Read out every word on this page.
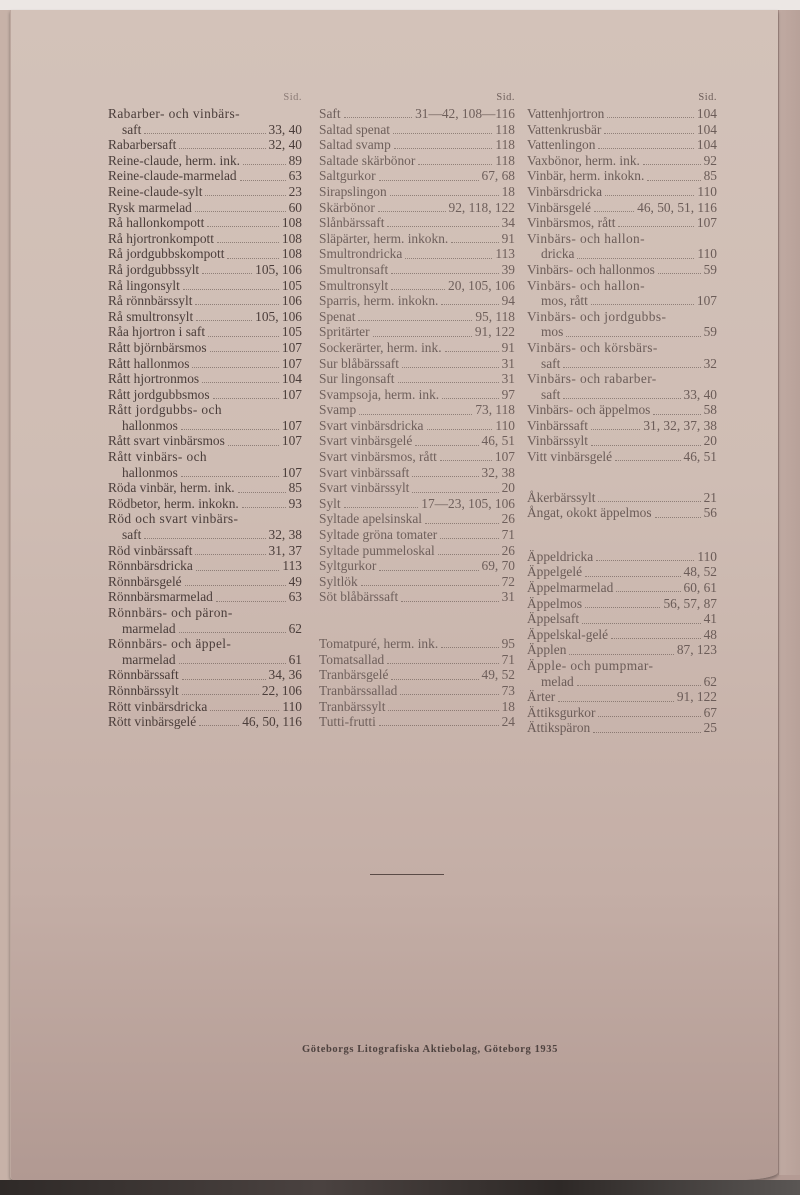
Sid.
Rabarber- och vinbärs-
saft	33, 40
Rabarbersaft	32, 40
Reine-claude, herm. ink.	89
Reine-claude-marmelad	63
Reine-claude-sylt	23
Rysk marmelad	60
Rå hallonkompott	108
Rå hjortronkompott	108
Rå jordgubbskompott	108
Rå jordgubbssylt	105, 106
Rå lingonsylt	105
Rå rönnbärssylt	106
Rå smultronsylt	105, 106
Råa hjortron i saft	105
Rått björnbärsmos	107
Rått hallonmos	107
Rått hjortronmos	104
Rått jordgubbsmos	107
Rått jordgubbs- och
hallonmos	107
Rått svart vinbärsmos	107
Rått vinbärs- och
hallonmos	107
Röda vinbär, herm. ink.	85
Rödbetor, herm. inkokn.	93
Röd och svart vinbärs-
saft	32, 38
Röd vinbärssaft	31, 37
Rönnbärsdricka	113
Rönnbärsgelé	49
Rönnbärsmarmelad	63
Rönnbärs- och päron-
marmelad	62
Rönnbärs- och äppel-
marmelad	61
Rönnbärssaft	34, 36
Rönnbärssylt	22, 106
Rött vinbärsdricka	110
Rött vinbärsgelé	46, 50, 116
Sid.
Saft	31—42, 108—116
Saltad spenat	118
Saltad svamp	118
Saltade skärbönor	118
Saltgurkor	67, 68
Sirapslingon	18
Skärbönor	92, 118, 122
Slånbärssaft	34
Släpärter, herm. inkokn.	91
Smultrondricka	113
Smultronsaft	39
Smultronsylt	20, 105, 106
Sparris, herm. inkokn.	94
Spenat	95, 118
Spritärter	91, 122
Sockerärter, herm. ink.	91
Sur blåbärssaft	31
Sur lingonsaft	31
Svampsoja, herm. ink.	97
Svamp	73, 118
Svart vinbärsdricka	110
Svart vinbärsgelé	46, 51
Svart vinbärsmos, rått	107
Svart vinbärssaft	32, 38
Svart vinbärssylt	20
Sylt	17—23, 105, 106
Syltade apelsinskal	26
Syltade gröna tomater	71
Syltade pummeloskal	26
Syltgurkor	69, 70
Syltlök	72
Söt blåbärssaft	31
Tomatpuré, herm. ink.	95
Tomatsallad	71
Tranbärsgelé	49, 52
Tranbärssallad	73
Tranbärssylt	18
Tutti-frutti	24
Sid.
Vattenhjortron	104
Vattenkrusbär	104
Vattenlingon	104
Vaxbönor, herm. ink.	92
Vinbär, herm. inkokn.	85
Vinbärsdricka	110
Vinbärsgelé	46, 50, 51, 116
Vinbärsmos, rått	107
Vinbärs- och hallon-
dricka	110
Vinbärs- och hallonmos	59
Vinbärs- och hallon-
mos, rått	107
Vinbärs- och jordgubbs-
mos	59
Vinbärs- och körsbärs-
saft	32
Vinbärs- och rabarber-
saft	33, 40
Vinbärs- och äppelmos	58
Vinbärssaft	31, 32, 37, 38
Vinbärssylt	20
Vitt vinbärsgelé	46, 51
Åkerbärssylt	21
Ångat, okokt äppelmos	56
Äppeldricka	110
Äppelgelé	48, 52
Äppelmarmelad	60, 61
Äppelmos	56, 57, 87
Äppelsaft	41
Äppelskal-gelé	48
Äpplen	87, 123
Äpple- och pumpmar-
melad	62
Ärter	91, 122
Ättiksgurkor	67
Ättikspäron	25
Göteborgs Litografiska Aktiebolag, Göteborg 1935
